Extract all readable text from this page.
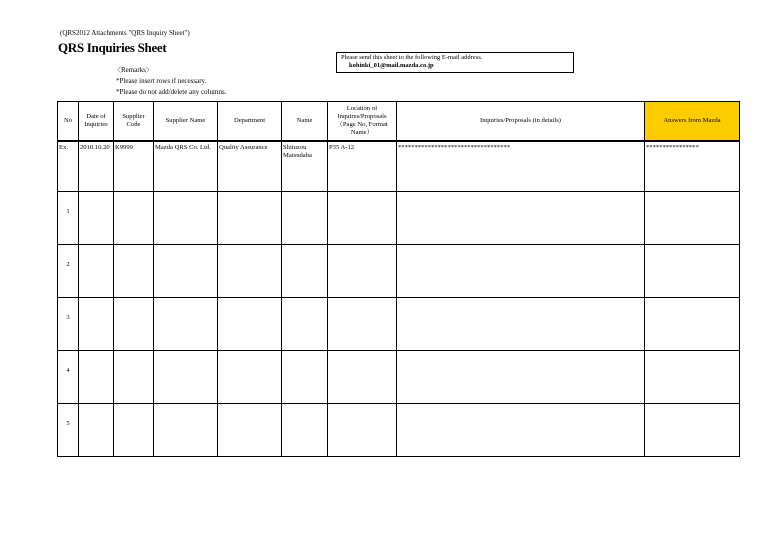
(QRS2012 Attachments "QRS Inquiry Sheet")
QRS Inquiries Sheet
Please send this sheet to the following E-mail address.
kohinki_01@mail.mazda.co.jp
〈Remarks〉
*Please insert rows if necessary.
*Please do not add/delete any columns.
No	Date of Inquiries	Supplier Code	Supplier Name	Department	Name	Location of Inquires/Proposals（Page No, Format Name）	Inquiries/Proposals (in details)	Answers from Mazda
Ex.	2010.10.20	K9999	Mazda QRS Co. Ltd.	Quality Assurance	Shituzou Matsudaba	P35 A-12	**********************************	****************
1								
2								
3								
4								
5								
